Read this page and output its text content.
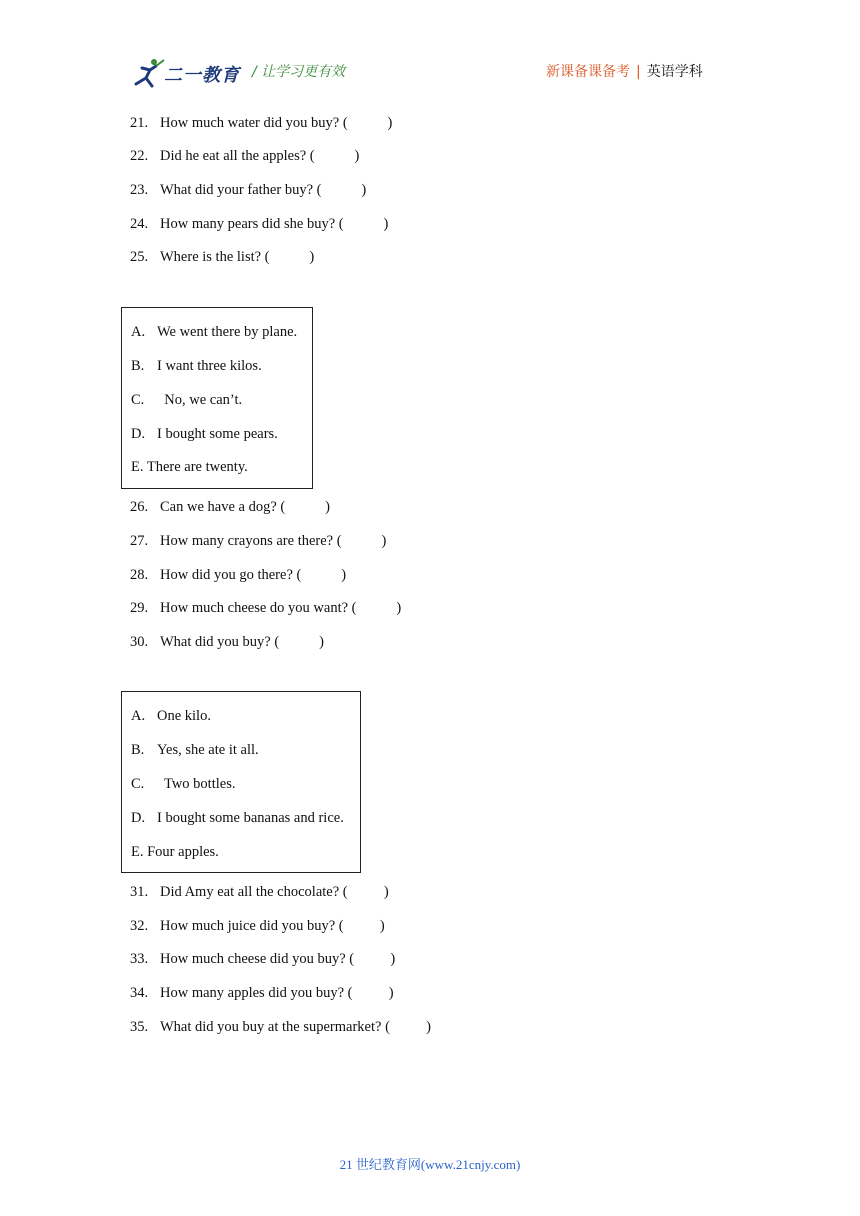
二一教育 / 让学习更有效	新课备课备考 | 英语学科
21. How much water did you buy? (           )
22. Did he eat all the apples? (           )
23. What did your father buy? (           )
24. How many pears did she buy? (           )
25. Where is the list? (           )
A. We went there by plane.
B. I want three kilos.
C.  No, we can’t.
D. I bought some pears.
E. There are twenty.
26. Can we have a dog? (           )
27. How many crayons are there? (           )
28. How did you go there? (           )
29. How much cheese do you want? (           )
30. What did you buy? (           )
A. One kilo.
B. Yes, she ate it all.
C.  Two bottles.
D. I bought some bananas and rice.
E. Four apples.
31. Did Amy eat all the chocolate? (          )
32. How much juice did you buy? (          )
33. How much cheese did you buy? (          )
34. How many apples did you buy? (          )
35. What did you buy at the supermarket? (          )
21 世纪教育网(www.21cnjy.com)
